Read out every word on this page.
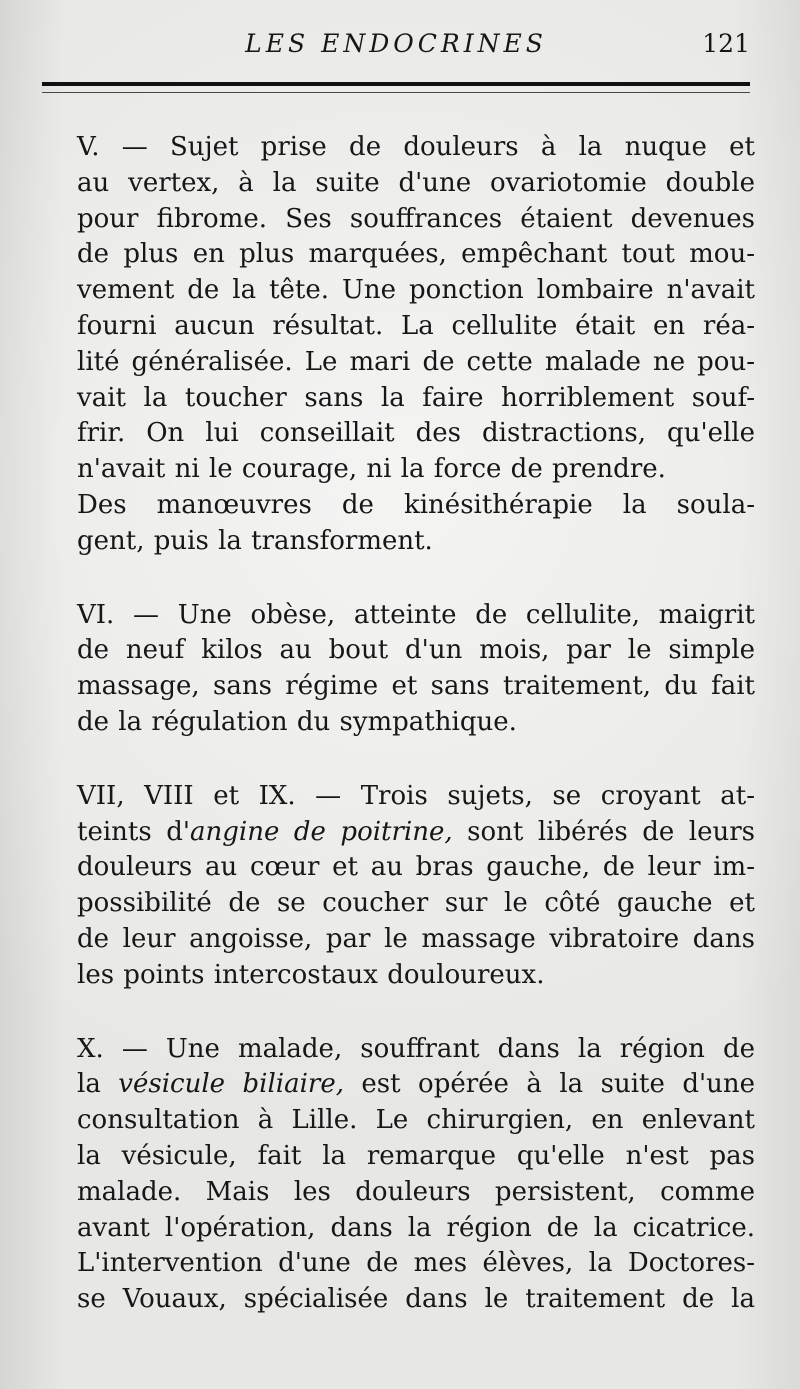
LES ENDOCRINES	121

V. — Sujet prise de douleurs à la nuque et
au vertex, à la suite d'une ovariotomie double
pour fibrome. Ses souffrances étaient devenues
de plus en plus marquées, empêchant tout mou-
vement de la tête. Une ponction lombaire n'avait
fourni aucun résultat. La cellulite était en réa-
lité généralisée. Le mari de cette malade ne pou-
vait la toucher sans la faire horriblement souf-
frir. On lui conseillait des distractions, qu'elle
n'avait ni le courage, ni la force de prendre.

Des manœuvres de kinésithérapie la soula-
gent, puis la transforment.

VI. — Une obèse, atteinte de cellulite, maigrit
de neuf kilos au bout d'un mois, par le simple
massage, sans régime et sans traitement, du fait
de la régulation du sympathique.

VII, VIII et IX. — Trois sujets, se croyant at-
teints d'angine de poitrine, sont libérés de leurs
douleurs au cœur et au bras gauche, de leur im-
possibilité de se coucher sur le côté gauche et
de leur angoisse, par le massage vibratoire dans
les points intercostaux douloureux.

X. — Une malade, souffrant dans la région de
la vésicule biliaire, est opérée à la suite d'une
consultation à Lille. Le chirurgien, en enlevant
la vésicule, fait la remarque qu'elle n'est pas
malade. Mais les douleurs persistent, comme
avant l'opération, dans la région de la cicatrice.
L'intervention d'une de mes élèves, la Doctores-
se Vouaux, spécialisée dans le traitement de la
